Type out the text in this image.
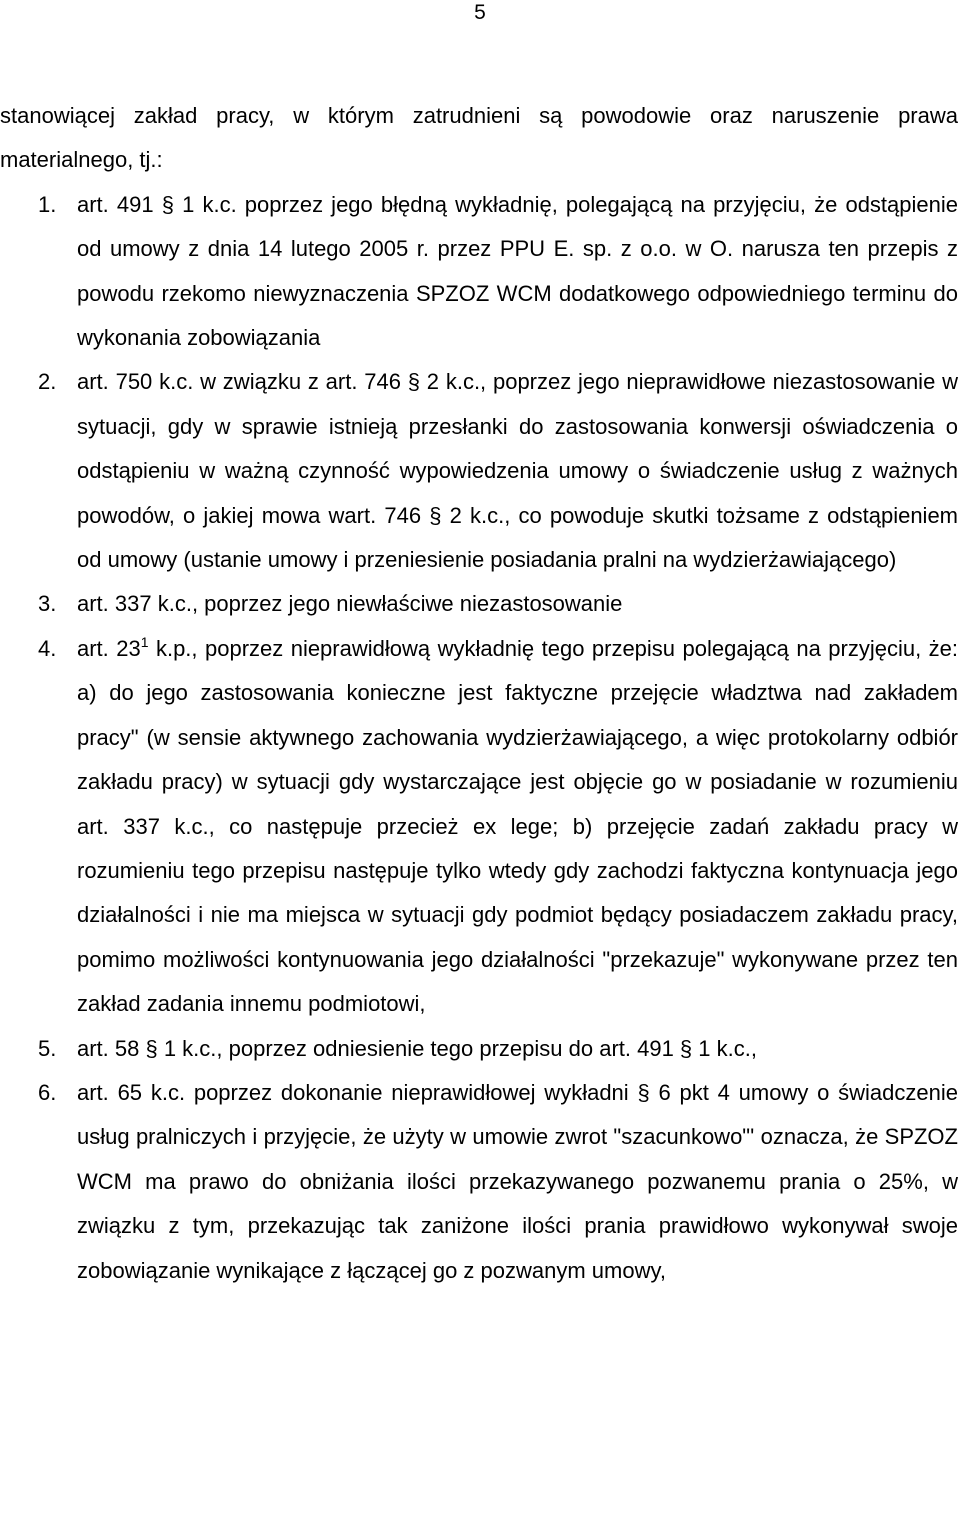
5

stanowiącej zakład pracy, w którym zatrudnieni są powodowie oraz naruszenie prawa materialnego, tj.:

1. art. 491 § 1 k.c. poprzez jego błędną wykładnię, polegającą na przyjęciu, że odstąpienie od umowy z dnia 14 lutego 2005 r. przez PPU E. sp. z o.o. w O. narusza ten przepis z powodu rzekomo niewyznaczenia SPZOZ WCM dodatkowego odpowiedniego terminu do wykonania zobowiązania
2. art. 750 k.c. w związku z art. 746 § 2 k.c., poprzez jego nieprawidłowe niezastosowanie w sytuacji, gdy w sprawie istnieją przesłanki do zastosowania konwersji oświadczenia o odstąpieniu w ważną czynność wypowiedzenia umowy o świadczenie usług z ważnych powodów, o jakiej mowa wart. 746 § 2 k.c., co powoduje skutki tożsame z odstąpieniem od umowy (ustanie umowy i przeniesienie posiadania pralni na wydzierżawiającego)
3. art. 337 k.c., poprzez jego niewłaściwe niezastosowanie
4. art. $23^1$ k.p., poprzez nieprawidłową wykładnię tego przepisu polegającą na przyjęciu, że: a) do jego zastosowania konieczne jest faktyczne przejęcie władztwa nad zakładem pracy" (w sensie aktywnego zachowania wydzierżawiającego, a więc protokolarny odbiór zakładu pracy) w sytuacji gdy wystarczające jest objęcie go w posiadanie w rozumieniu art. 337 k.c., co następuje przecież ex lege; b) przejęcie zadań zakładu pracy w rozumieniu tego przepisu następuje tylko wtedy gdy zachodzi faktyczna kontynuacja jego działalności i nie ma miejsca w sytuacji gdy podmiot będący posiadaczem zakładu pracy, pomimo możliwości kontynuowania jego działalności "przekazuje" wykonywane przez ten zakład zadania innemu podmiotowi,
5. art. 58 § 1 k.c., poprzez odniesienie tego przepisu do art. 491 § 1 k.c.,
6. art. 65 k.c. poprzez dokonanie nieprawidłowej wykładni § 6 pkt 4 umowy o świadczenie usług pralniczych i przyjęcie, że użyty w umowie zwrot "szacunkowo"' oznacza, że SPZOZ WCM ma prawo do obniżania ilości przekazywanego pozwanemu prania o 25%, w związku z tym, przekazując tak zaniżone ilości prania prawidłowo wykonywał swoje zobowiązanie wynikające z łączącej go z pozwanym umowy,
